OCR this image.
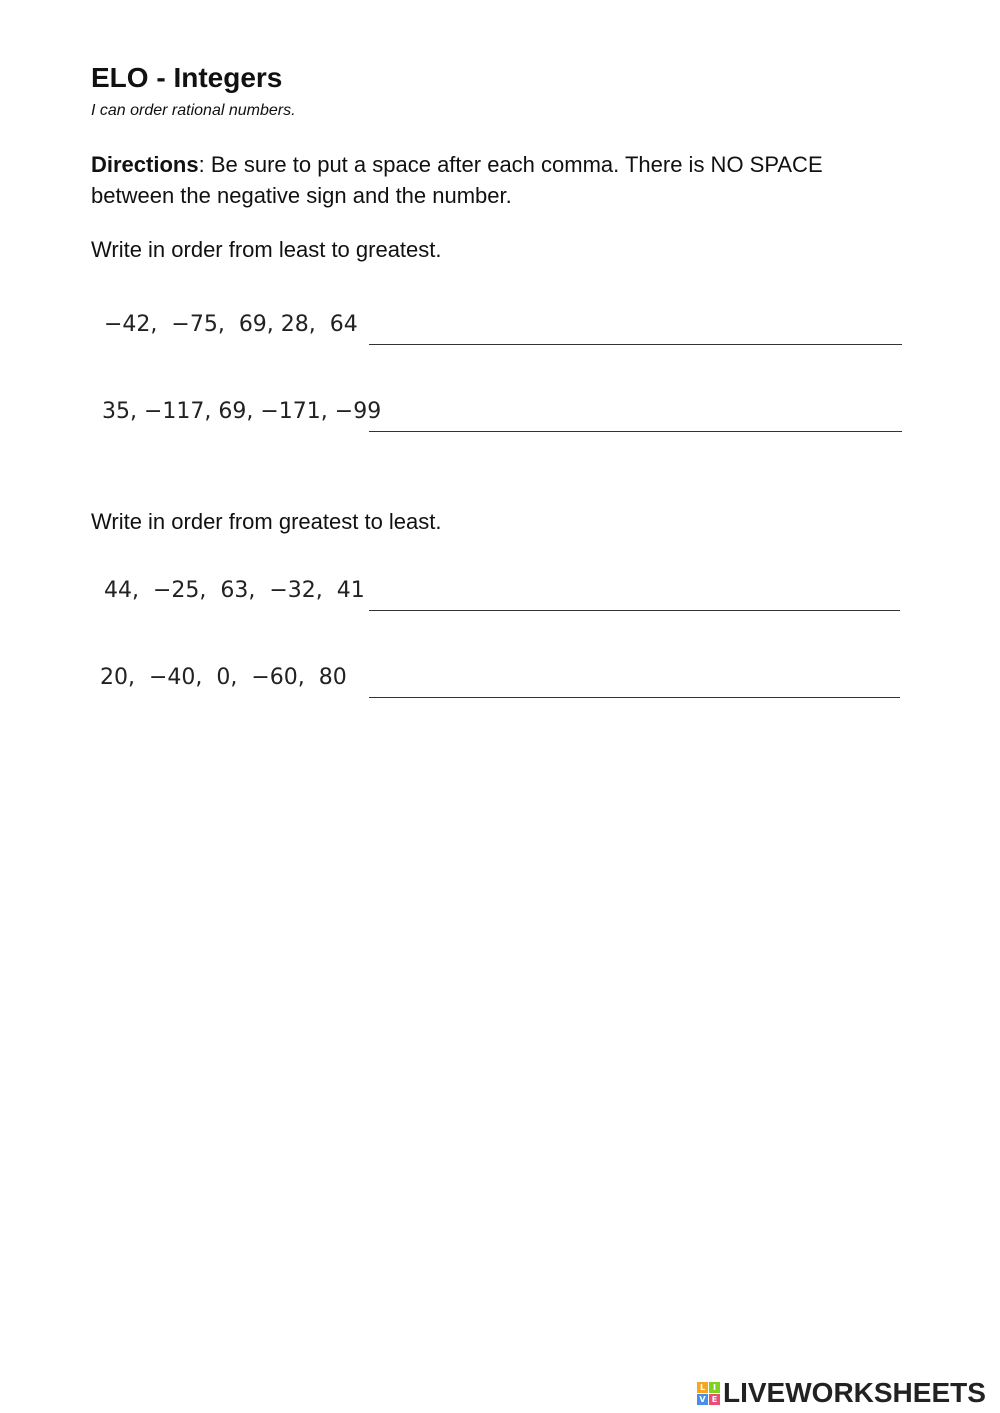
ELO - Integers
I can order rational numbers.
Directions: Be sure to put a space after each comma. There is NO SPACE between the negative sign and the number.
Write in order from least to greatest.
−42,  −75,  69, 28,  64
35, −117, 69, −171, −99
Write in order from greatest to least.
44,  −25,  63,  −32,  41
20,  −40,  0,  −60,  80
L I
V E LIVEWORKSHEETS
